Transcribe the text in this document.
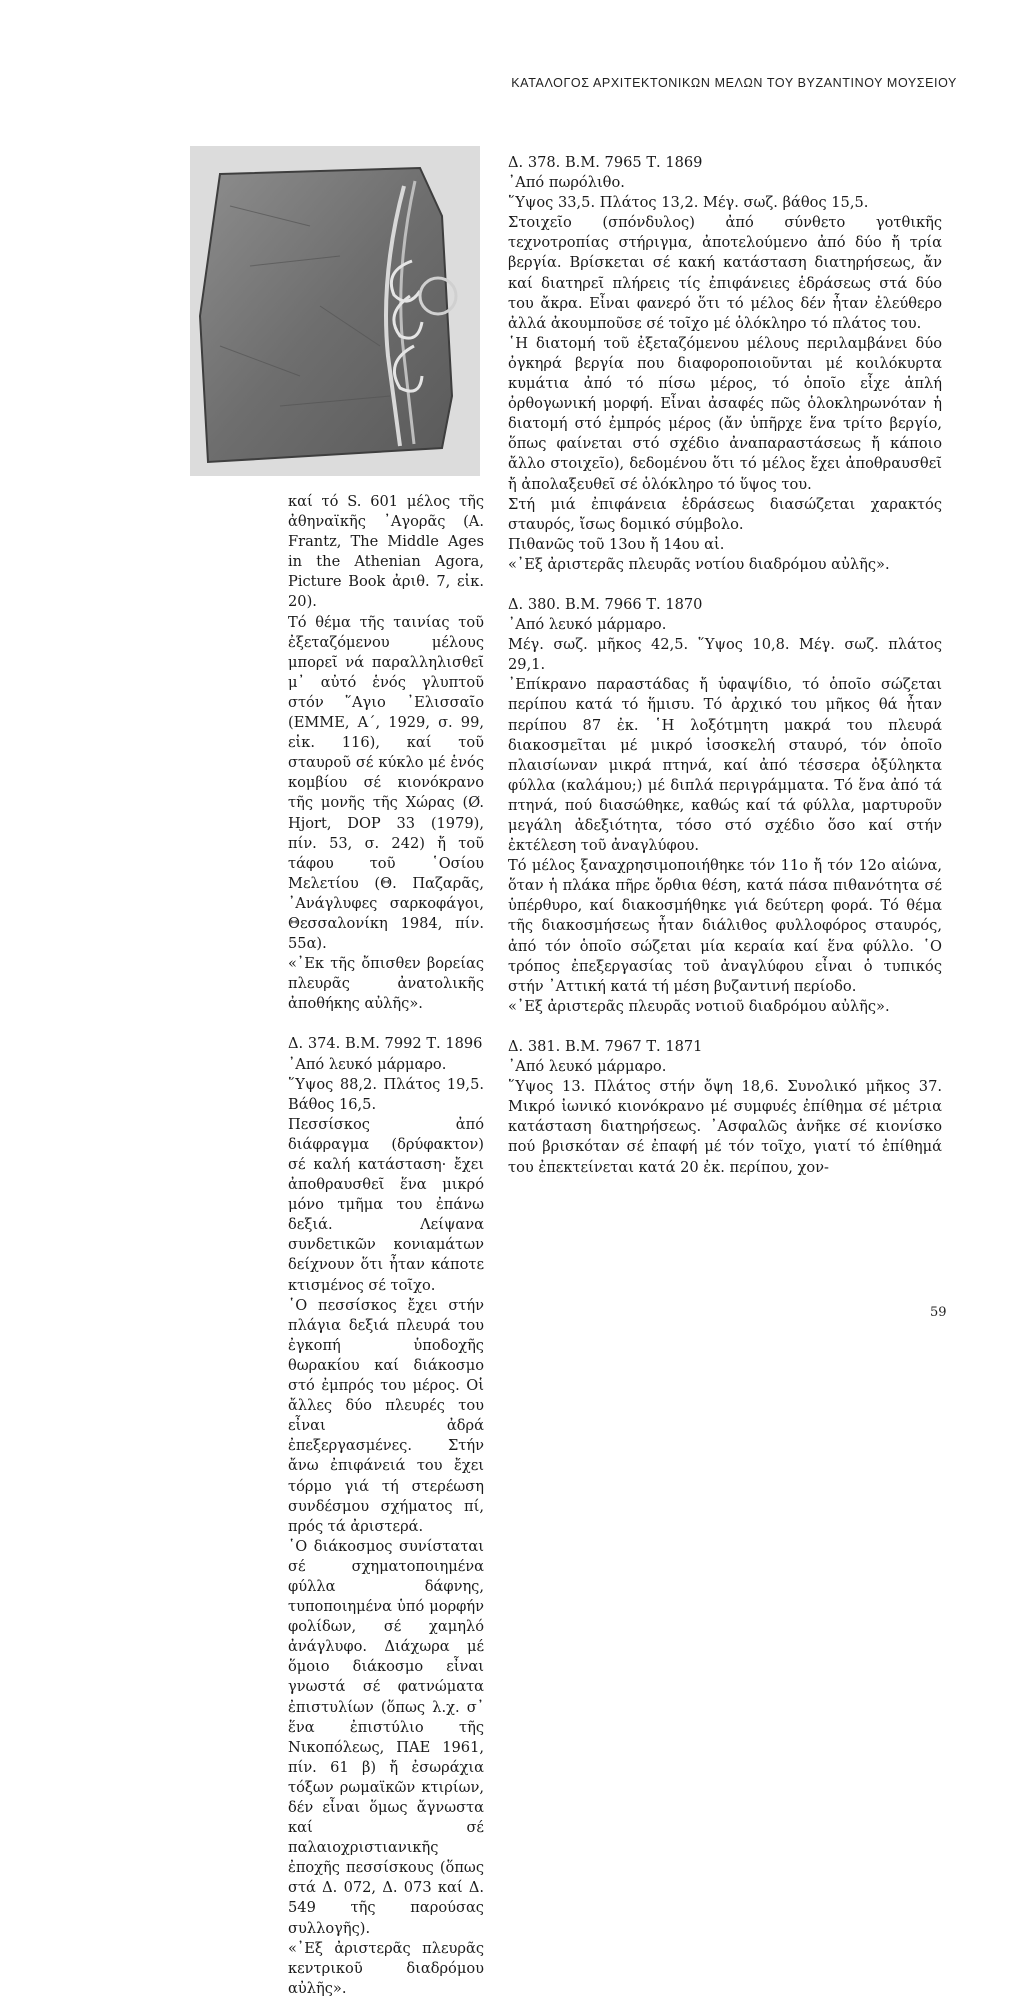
ΚΑΤΑΛΟΓΟΣ ΑΡΧΙΤΕΚΤΟΝΙΚΩΝ ΜΕΛΩΝ ΤΟΥ ΒΥΖΑΝΤΙΝΟΥ ΜΟΥΣΕΙΟΥ

καί τό S. 601 μέλος τῆς ἀθηναϊκῆς ᾿Αγορᾶς (A. Frantz, The Middle Ages in the Athenian Agora, Picture Book ἀριθ. 7, εἰκ. 20).

Τό θέμα τῆς ταινίας τοῦ ἐξεταζόμενου μέλους μπορεῖ νά παραλληλισθεῖ μ᾿ αὐτό ἑνός γλυπτοῦ στόν ῞Αγιο ᾿Ελισσαῖο (ΕΜΜΕ, Α΄, 1929, σ. 99, εἰκ. 116), καί τοῦ σταυροῦ σέ κύκλο μέ ἑνός κομβίου σέ κιονόκρανο τῆς μονῆς τῆς Χώρας (Ø. Hjort, DOP 33 (1979), πίν. 53, σ. 242) ἤ τοῦ τάφου τοῦ ῾Οσίου Μελετίου (Θ. Παζαρᾶς, ᾿Ανάγλυφες σαρκοφάγοι, Θεσσαλονίκη 1984, πίν. 55α).

«᾿Εκ τῆς ὄπισθεν βορείας πλευρᾶς ἀνατολικῆς ἀποθήκης αὐλῆς».

Δ. 374. Β.Μ. 7992 Τ. 1896

᾿Από λευκό μάρμαρο.

῞Υψος 88,2. Πλάτος 19,5. Βάθος 16,5.

Πεσσίσκος ἀπό διάφραγμα (δρύφακτον) σέ καλή κατάσταση· ἔχει ἀποθραυσθεῖ ἕνα μικρό μόνο τμῆμα του ἐπάνω δεξιά. Λείψανα συνδετικῶν κονιαμάτων δείχνουν ὅτι ἦταν κάποτε κτισμένος σέ τοῖχο.

῾Ο πεσσίσκος ἔχει στήν πλάγια δεξιά πλευρά του ἐγκοπή ὑποδοχῆς θωρακίου καί διάκοσμο στό ἐμπρός του μέρος. Οἱ ἄλλες δύο πλευρές του εἶναι ἀδρά ἐπεξεργασμένες. Στήν ἄνω ἐπιφάνειά του ἔχει τόρμο γιά τή στερέωση συνδέσμου σχήματος πί, πρός τά ἀριστερά.

῾Ο διάκοσμος συνίσταται σέ σχηματοποιημένα φύλλα δάφνης, τυποποιημένα ὑπό μορφήν φολίδων, σέ χαμηλό ἀνάγλυφο. Διάχωρα μέ ὅμοιο διάκοσμο εἶναι γνωστά σέ φατνώματα ἐπιστυλίων (ὅπως λ.χ. σ᾿ ἕνα ἐπιστύλιο τῆς Νικοπόλεως, ΠΑΕ 1961, πίν. 61 β) ἤ ἐσωράχια τόξων ρωμαϊκῶν κτιρίων, δέν εἶναι ὅμως ἄγνωστα καί σέ παλαιοχριστιανικῆς ἐποχῆς πεσσίσκους (ὅπως στά Δ. 072, Δ. 073 καί Δ. 549 τῆς παρούσας συλλογῆς).

«᾿Εξ ἀριστερᾶς πλευρᾶς κεντρικοῦ διαδρόμου αὐλῆς».

Δ. 378. Β.Μ. 7965 Τ. 1869

᾿Από πωρόλιθο.

῞Υψος 33,5. Πλάτος 13,2. Μέγ. σωζ. βάθος 15,5.

Στοιχεῖο (σπόνδυλος) ἀπό σύνθετο γοτθικῆς τεχνοτροπίας στήριγμα, ἀποτελούμενο ἀπό δύο ἤ τρία βεργία. Βρίσκεται σέ κακή κατάσταση διατηρήσεως, ἄν καί διατηρεῖ πλήρεις τίς ἐπιφάνειες ἑδράσεως στά δύο του ἄκρα. Εἶναι φανερό ὅτι τό μέλος δέν ἦταν ἐλεύθερο ἀλλά ἀκουμποῦσε σέ τοῖχο μέ ὁλόκληρο τό πλάτος του.

῾Η διατομή τοῦ ἐξεταζόμενου μέλους περιλαμβάνει δύο ὀγκηρά βεργία που διαφοροποιοῦνται μέ κοιλόκυρτα κυμάτια ἀπό τό πίσω μέρος, τό ὁποῖο εἶχε ἁπλή ὀρθογωνική μορφή. Εἶναι ἀσαφές πῶς ὁλοκληρωνόταν ἡ διατομή στό ἐμπρός μέρος (ἄν ὑπῆρχε ἕνα τρίτο βεργίο, ὅπως φαίνεται στό σχέδιο ἀναπαραστάσεως ἤ κάποιο ἄλλο στοιχεῖο), δεδομένου ὅτι τό μέλος ἔχει ἀποθραυσθεῖ ἤ ἀπολαξευθεῖ σέ ὁλόκληρο τό ὕψος του.

Στή μιά ἐπιφάνεια ἑδράσεως διασώζεται χαρακτός σταυρός, ἴσως δομικό σύμβολο.

Πιθανῶς τοῦ 13ου ἤ 14ου αἰ.

«᾿Εξ ἀριστερᾶς πλευρᾶς νοτίου διαδρόμου αὐλῆς».

Δ. 380. Β.Μ. 7966 Τ. 1870

᾿Από λευκό μάρμαρο.

Μέγ. σωζ. μῆκος 42,5. ῞Υψος 10,8. Μέγ. σωζ. πλάτος 29,1.

᾿Επίκρανο παραστάδας ἤ ὑφαψίδιο, τό ὁποῖο σώζεται περίπου κατά τό ἥμισυ. Τό ἀρχικό του μῆκος θά ἦταν περίπου 87 ἐκ. ῾Η λοξότμητη μακρά του πλευρά διακοσμεῖται μέ μικρό ἰσοσκελή σταυρό, τόν ὁποῖο πλαισίωναν μικρά πτηνά, καί ἀπό τέσσερα ὀξύληκτα φύλλα (καλάμου;) μέ διπλά περιγράμματα. Τό ἕνα ἀπό τά πτηνά, πού διασώθηκε, καθώς καί τά φύλλα, μαρτυροῦν μεγάλη ἀδεξιότητα, τόσο στό σχέδιο ὅσο καί στήν ἐκτέλεση τοῦ ἀναγλύφου.

Τό μέλος ξαναχρησιμοποιήθηκε τόν 11ο ἤ τόν 12ο αἰώνα, ὅταν ἡ πλάκα πῆρε ὄρθια θέση, κατά πάσα πιθανότητα σέ ὑπέρθυρο, καί διακοσμήθηκε γιά δεύτερη φορά. Τό θέμα τῆς διακοσμήσεως ἦταν διάλιθος φυλλοφόρος σταυρός, ἀπό τόν ὁποῖο σώζεται μία κεραία καί ἕνα φύλλο. ῾Ο τρόπος ἐπεξεργασίας τοῦ ἀναγλύφου εἶναι ὁ τυπικός στήν ᾿Αττική κατά τή μέση βυζαντινή περίοδο.

«᾿Εξ ἀριστερᾶς πλευρᾶς νοτιοῦ διαδρόμου αὐλῆς».

Δ. 381. Β.Μ. 7967 Τ. 1871

᾿Από λευκό μάρμαρο.

῞Υψος 13. Πλάτος στήν ὄψη 18,6. Συνολικό μῆκος 37. Μικρό ἰωνικό κιονόκρανο μέ συμφυές ἐπίθημα σέ μέτρια κατάσταση διατηρήσεως. ᾿Ασφαλῶς ἀνῆκε σέ κιονίσκο πού βρισκόταν σέ ἐπαφή μέ τόν τοῖχο, γιατί τό ἐπίθημά του ἐπεκτείνεται κατά 20 ἐκ. περίπου, χον-

59
